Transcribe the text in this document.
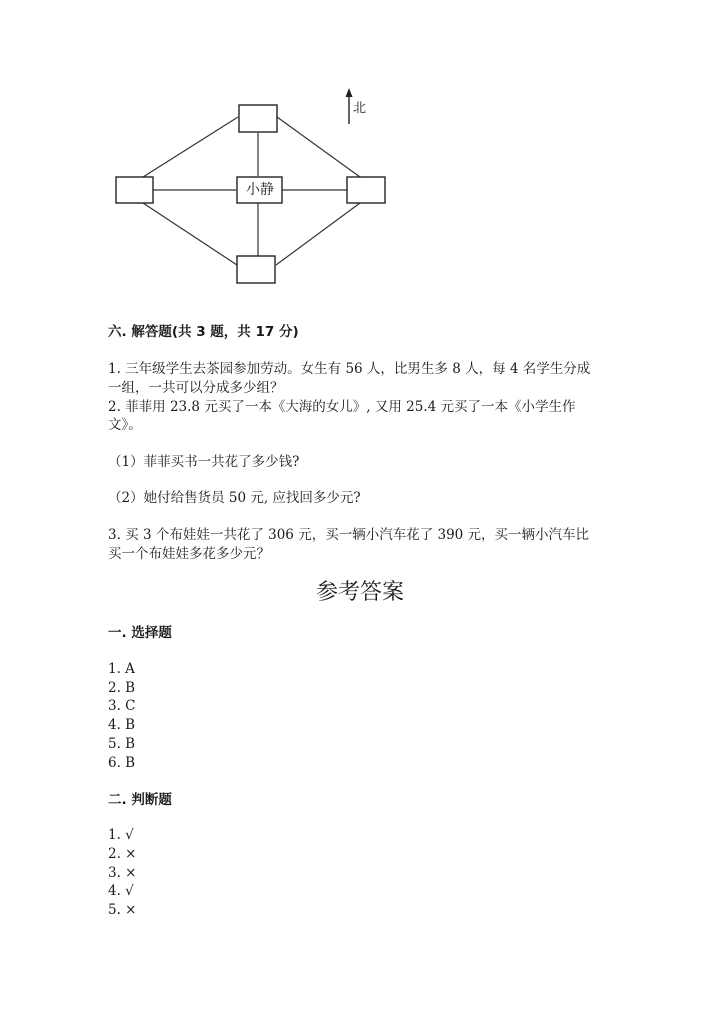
小静
北
六. 解答题(共 3 题，共 17 分)
1. 三年级学生去茶园参加劳动。女生有 56 人，比男生多 8 人，每 4 名学生分成
一组，一共可以分成多少组？
2. 菲菲用 23.8 元买了一本《大海的女儿》, 又用 25.4 元买了一本《小学生作
文》。
（1）菲菲买书一共花了多少钱?
（2）她付给售货员 50 元, 应找回多少元?
3. 买 3 个布娃娃一共花了 306 元，买一辆小汽车花了 390 元，买一辆小汽车比
买一个布娃娃多花多少元？
参考答案
一. 选择题
1. A
2. B
3. C
4. B
5. B
6. B
二. 判断题
1. √
2. ×
3. ×
4. √
5. ×
